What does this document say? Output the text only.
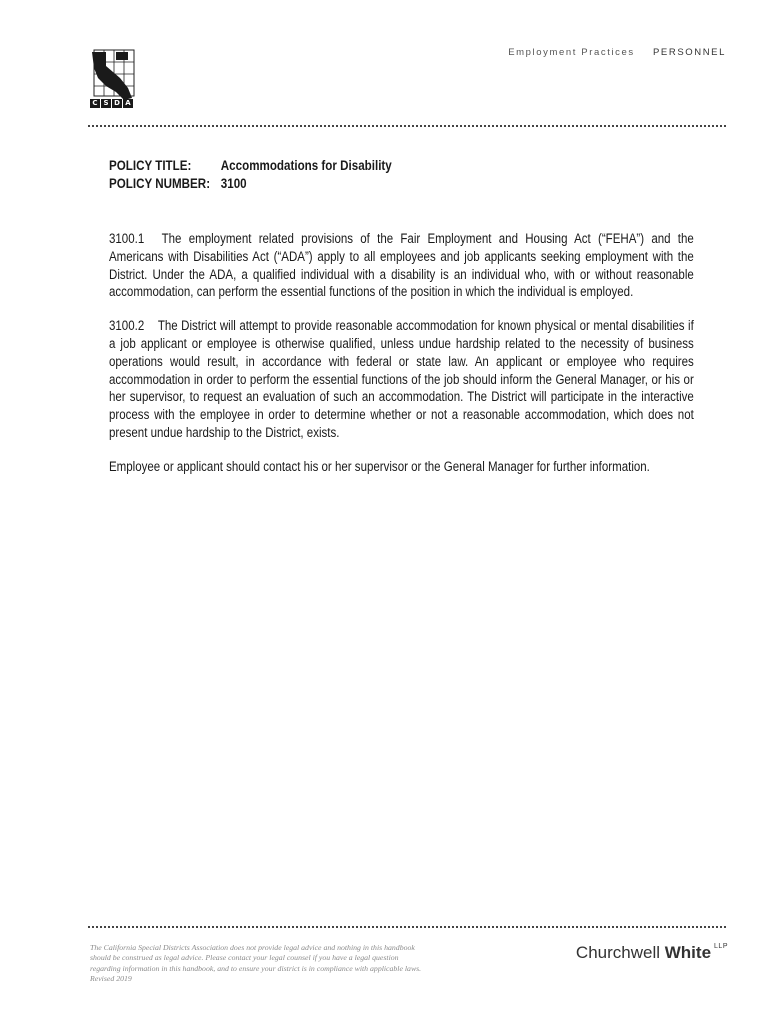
C S D A
Employment Practices PERSONNEL
POLICY TITLE:	Accommodations for Disability
POLICY NUMBER: 3100

3100.1 The employment related provisions of the Fair Employment and Housing Act (“FEHA”) and the Americans with Disabilities Act (“ADA”) apply to all employees and job applicants seeking employment with the District. Under the ADA, a qualified individual with a disability is an individual who, with or without reasonable accommodation, can perform the essential functions of the position in which the individual is employed.

3100.2 The District will attempt to provide reasonable accommodation for known physical or mental disabilities if a job applicant or employee is otherwise qualified, unless undue hardship related to the necessity of business operations would result, in accordance with federal or state law. An applicant or employee who requires accommodation in order to perform the essential functions of the job should inform the General Manager, or his or her supervisor, to request an evaluation of such an accommodation. The District will participate in the interactive process with the employee in order to determine whether or not a reasonable accommodation, which does not present undue hardship to the District, exists.

Employee or applicant should contact his or her supervisor or the General Manager for further information.

The California Special Districts Association does not provide legal advice and nothing in this handbook
should be construed as legal advice. Please contact your legal counsel if you have a legal question
regarding information in this handbook, and to ensure your district is in compliance with applicable laws.
Revised 2019
Churchwell White $^{LLP}$
